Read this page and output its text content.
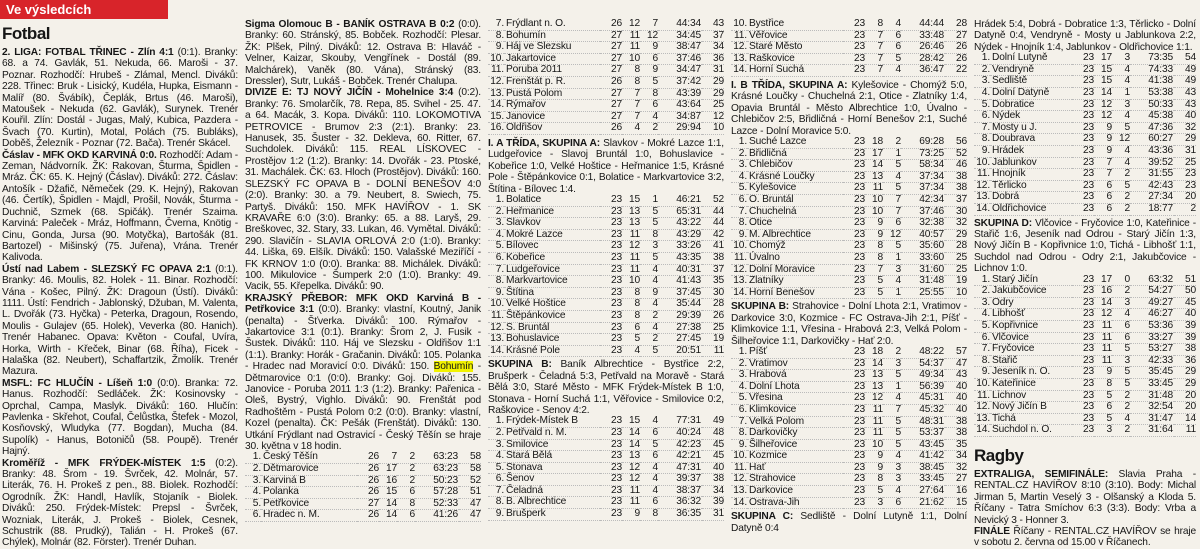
Ve výsledcích
Fotbal

2. LIGA: FOTBAL TŘINEC - Zlín 4:1 (0:1). Branky: 68. a 74. Gavlák, 51. Nekuda, 66. Maroši - 37. Poznar. Rozhodčí: Hrubeš - Zlámal, Mencl. Diváků: 228. Třinec: Bruk - Lisický, Kudéla, Hupka, Eismann - Malíř (80. Švábík), Čeplák, Brtus (46. Maroši), Matoušek - Nekuda (62. Gavlák), Surynek. Trenér Kouřil. Zlín: Dostál - Jugas, Malý, Kubica, Pazdera - Švach (70. Kurtin), Motal, Polách (75. Bubláks), Doběš, Železník - Poznar (72. Bača). Trenér Skácel.

Čáslav - MFK OKD KARVINÁ 0:0. Rozhodčí: Adam - Zeman, Nádvorník. ŽK: Rakovan, Šturma, Špidlen - Mráz. ČK: 65. K. Hejný (Čáslav). Diváků: 272. Čáslav: Antošík - Džafič, Němeček (29. K. Hejný), Rakovan (46. Čertík), Špidlen - Majdl, Prošil, Novák, Šturma - Duchnič, Szmek (68. Spičák). Trenér Szaima. Karviná: Paleček - Mráz, Hoffmann, Čverna, Knötig - Cinu, Gonda, Jursa (90. Motyčka), Bartošák (81. Bartozel) - Mišinský (75. Juřena), Vrána. Trenér Kalivoda.

Ústí nad Labem - SLEZSKÝ FC OPAVA 2:1 (0:1). Branky: 46. Moulis, 82. Holek - 11. Binar. Rozhodčí: Vána - Košec, Pilný. ŽK: Dragoun (Ústí). Diváků: 1111. Ústí: Fendrich - Jablonský, Džuban, M. Valenta, L. Dvořák (73. Hyčka) - Peterka, Dragoun, Rosendo, Moulis - Gulajev (65. Holek), Veverka (80. Hanich). Trenér Habanec. Opava: Květon - Coufal, Uvíra, Horka, Wirth - Křeček, Binar (68. Říha), Ficek - Halaška (82. Neubert), Schaffartzik, Žmolík. Trenér Mazura.

MSFL: FC HLUČÍN - Líšeň 1:0 (0:0). Branka: 72. Hanus. Rozhodčí: Sedláček. ŽK: Kosinovsky - Oprchal, Campa, Maslyk. Diváků: 160. Hlučín: Pavlenka - Skřehot, Coufal, Čelůstka, Štefek - Mozol, Kosňovský, Wludyka (77. Bogdan), Mucha (84. Supolík) - Hanus, Botoničů (58. Poupě). Trenér Hajný.

Kroměříž - MFK FRÝDEK-MÍSTEK 1:5 (0:2). Branky: 48. Šrom - 19. Švrček, 42. Molnár, 57. Literák, 76. H. Prokeš z pen., 88. Biolek. Rozhodčí: Ogrodník. ŽK: Handl, Havlík, Stojaník - Biolek. Diváků: 250. Frýdek-Místek: Prepsl - Švrček, Wozniak, Literák, J. Prokeš - Biolek, Cesnek, Schustrik (88. Prudký), Talián - H. Prokeš (67. Chýlek), Molnár (82. Förster). Trenér Duhan.

Sigma Olomouc B - BANÍK OSTRAVA B 0:2 (0:0). Branky: 60. Stránský, 85. Bobček. Rozhodčí: Plesar. ŽK: Plšek, Pilný. Diváků: 12. Ostrava B: Hlaváč - Velner, Kaizar, Skouby, Vengřínek - Dostál (89. Malchárek), Vaněk (80. Vána), Stránský (83. Dressler), Sutr, Lukáš - Bobček. Trenér Chalupa.

DIVIZE E: TJ NOVÝ JIČÍN - Mohelnice 3:4 (0:2). Branky: 76. Smolarčík, 78. Repa, 85. Svihel - 25. 47. a 64. Macák, 3. Kopa. Diváků: 110. LOKOMOTIVA PETROVICE - Brumov 2:3 (2:1). Branky: 23. Hanusek, 35. Šuster - 32. Dekleva, 60. Ritter, 67. Suchdolek. Diváků: 115. REAL LÍSKOVEC - Prostějov 1:2 (1:2). Branky: 14. Dvořák - 23. Ptoské, 31. Machálek. ČK: 63. Hloch (Prostějov). Diváků: 160. SLEZSKÝ FC OPAVA B - DOLNÍ BENEŠOV 4:0 (2:0). Branky: 30. a 79. Neubert, 8. Swiech, 75. Partyš. Diváků: 150. MFK HAVÍŘOV - 1. SK KRAVAŘE 6:0 (3:0). Branky: 65. a 88. Laryš, 29. Breškovec, 32. Stary, 33. Lukan, 46. Vymětal. Diváků: 290. Slavičín - SLAVIA ORLOVÁ 2:0 (1:0). Branky: 44. Liška, 69. Elšík. Diváků: 150. Valašské Meziříčí - FK KRNOV 1:0 (0:0). Branka: 88. Michálek. Diváků: 100. Mikulovice - Šumperk 2:0 (1:0). Branky: 49. Vacik, 55. Křepelka. Diváků: 90.

KRAJSKÝ PŘEBOR: MFK OKD Karviná B - Petřkovice 3:1 (0:0). Branky: vlastní, Koutný, Janik (penalta) - Šťverka. Diváků: 100. Rýmařov - Jakartovice 3:1 (0:1). Branky: Šrom 2, J. Fusik - Šustek. Diváků: 110. Háj ve Slezsku - Oldřišov 1:1 (1:1). Branky: Horák - Gračanin. Diváků: 105. Polanka - Hradec nad Moravicí 0:0. Diváků: 150. Bohumín - Dětmarovice 0:1 (0:0). Branky: Goj. Diváků: 155. Janovice - Poruba 2011 1:3 (1:2). Branky: Pařenica - Oleš, Bystrý, Vighlo. Diváků: 90. Frenštát pod Radhoštěm - Pustá Polom 0:2 (0:0). Branky: vlastní, Kozel (penalta). ČK: Pešák (Frenštát). Diváků: 130. Utkání Frýdlant nad Ostravicí - Český Těšín se hraje 30. května v 18 hodin.

1.	Český Těšín	26	7	2	63:23	58
2.	Dětmarovice	26	17	2	63:23	58
3.	Karviná B	26	16	2	50:23	52
4.	Polanka	26	15	6	57:28	51
5.	Petřkovice	27	14	8	52:33	47
6.	Hradec n. M.	26	14	6	41:26	47
7.	Frýdlant n. O.	26	12	7	44:34	43
8.	Bohumín	27	11	12	34:45	37
9.	Háj ve Slezsku	27	11	9	38:47	34
10.	Jakartovice	27	10	6	37:46	36
11.	Poruba 2011	27	8	9	34:47	31
12.	Frenštát p. R.	26	8	5	37:42	29
13.	Pustá Polom	27	7	8	43:39	29
14.	Rýmařov	27	7	6	43:64	25
15.	Janovice	27	7	4	34:87	12
16.	Oldřišov	26	4	2	29:94	10

I. A TŘÍDA, SKUPINA A: Slavkov - Mokré Lazce 1:1, Ludgeřovice - Slavoj Bruntál 1:0, Bohuslavice - Kobeřice 1:0, Velké Hoštice - Heřmanice 1:5, Krásné Pole - Štěpánkovice 0:1, Bolatice - Markvartovice 3:2, Štítina - Bílovec 1:4.

1.	Bolatice	23	15	1	46:21	52
2.	Heřmanice	23	13	5	65:31	44
3.	Slavkov	23	13	5	43:22	44
4.	Mokré Lazce	23	11	8	43:29	42
5.	Bílovec	23	12	3	33:26	41
6.	Kobeřice	23	11	5	43:35	38
7.	Ludgeřovice	23	11	4	40:31	37
8.	Markvartovice	23	10	4	41:43	35
9.	Štítina	23	8	9	37:45	30
10.	Velké Hoštice	23	8	4	35:44	28
11.	Štěpánkovice	23	8	2	29:39	26
12.	S. Bruntál	23	6	4	27:38	25
13.	Bohuslavice	23	5	2	27:45	19
14.	Krásné Pole	23	4	5	20:51	11

SKUPINA B: Baník Albrechtice - Bystřice 2:2, Brušperk - Čeladná 5:3, Petřvald na Moravě - Stará Bělá 3:0, Staré Město - MFK Frýdek-Místek B 1:0, Stonava - Horní Suchá 1:1, Věřovice - Smilovice 0:2, Raškovice - Senov 4:2.

1.	Frýdek-Místek B	23	15	4	77:31	49
2.	Petřvald n. M.	23	14	6	40:24	48
3.	Smilovice	23	14	5	42:23	45
4.	Stará Bělá	23	13	6	42:21	45
5.	Stonava	23	12	4	47:31	40
6.	Šenov	23	12	4	39:37	38
7.	Čeladná	23	11	4	38:37	34
8.	B. Albrechtice	23	11	6	36:32	39
9.	Brušperk	23	9	8	36:35	31
10.	Bystřice	23	8	4	44:44	28
11.	Věřovice	23	7	6	33:48	27
12.	Staré Město	23	7	6	26:46	26
13.	Raškovice	23	7	5	28:42	26
14.	Horní Suchá	23	7	4	36:47	22

I. B TŘÍDA, SKUPINA A: Kylešovice - Chomýž 5:0, Krásné Loučky - Chuchelná 2:1, Otice - Zlatníky 1:4, Opavia Bruntál - Město Albrechtice 1:0, Úvalno - Chlebičov 2:5, Břidličná - Horní Benešov 2:1, Suché Lazce - Dolní Moravice 5:0.

1.	Suché Lazce	23	18	2	69:28	56
2.	Břidličná	23	17	1	73:25	52
3.	Chlebičov	23	14	5	58:34	46
4.	Krásné Loučky	23	13	4	37:34	38
5.	Kylešovice	23	11	5	37:34	38
6.	O. Bruntál	23	10	7	42:34	37
7.	Chuchelná	23	10	7	37:46	30
8.	Otice	23	9	6	32:38	32
9.	M. Albrechtice	23	9	12	40:57	29
10.	Chomýž	23	8	5	35:60	28
11.	Úvalno	23	8	1	33:60	25
12.	Dolní Moravice	23	7	3	31:60	25
13.	Zlatníky	23	5	4	31:48	19
14.	Horní Benešov	23	5	1	25:55	10

SKUPINA B: Strahovice - Dolní Lhota 2:1, Vratimov - Darkovice 3:0, Kozmice - FC Ostrava-Jih 2:1, Píšť - Klimkovice 1:1, Vřesina - Hrabová 2:3, Velká Polom - Šilheřovice 1:1, Darkovičky - Hať 2:0.

1.	Píšť	23	18	2	48:22	57
2.	Vratimov	23	14	3	54:37	47
3.	Hrabová	23	13	5	49:34	43
4.	Dolní Lhota	23	13	1	56:39	40
5.	Vřesina	23	12	4	45:31	40
6.	Klimkovice	23	11	7	45:32	40
7.	Velká Polom	23	11	5	48:31	38
8.	Darkovičky	23	11	5	53:37	38
9.	Šilheřovice	23	10	5	43:45	35
10.	Kozmice	23	9	4	41:42	34
11.	Hať	23	9	3	38:45	32
12.	Strahovice	23	8	3	33:45	27
13.	Darkovice	23	5	4	27:64	16
14.	Ostrava-Jih	23	3	6	21:62	15

SKUPINA C: Sedliště - Dolní Lutyně 1:1, Dolní Datyně 0:4

Hrádek 5:4, Dobrá - Dobratice 1:3, Těrlicko - Dolní Datyně 0:4, Vendryně - Mosty u Jablunkova 2:2, Nýdek - Hnojník 1:4, Jablunkov - Oldřichovice 1:1.

1.	Dolní Lutyně	23	17	3	73:35	54
2.	Vendryně	23	15	4	74:33	49
3.	Sedliště	23	15	4	41:38	49
4.	Dolní Datyně	23	14	1	53:38	43
5.	Dobratice	23	12	3	50:33	43
6.	Nýdek	23	12	4	45:38	40
7.	Mosty u J.	23	9	5	47:36	32
8.	Doubrava	23	9	12	60:27	29
9.	Hrádek	23	9	4	43:36	31
10.	Jablunkov	23	7	4	39:52	25
11.	Hnojník	23	7	2	31:55	23
12.	Těrlicko	23	6	5	42:43	23
13.	Dobrá	23	6	2	27:34	20
14.	Oldřichovice	23	6	2	18:77	2

SKUPINA D: Vlčovice - Fryčovice 1:0, Kateřinice - Stařič 1:6, Jeseník nad Odrou - Starý Jičín 1:3, Nový Jičín B - Kopřivnice 1:0, Tichá - Libhošť 1:1, Suchdol nad Odrou - Odry 2:1, Jakubčovice - Lichnov 1:0.

1.	Starý Jičín	23	17	0	63:32	51
2.	Jakubčovice	23	16	2	54:27	50
3.	Odry	23	14	3	49:27	45
4.	Libhošť	23	12	4	46:27	40
5.	Kopřivnice	23	11	6	53:36	39
6.	Vlčovice	23	11	6	33:27	39
7.	Fryčovice	23	11	5	53:27	38
8.	Stařič	23	11	3	42:33	36
9.	Jeseník n. O.	23	9	5	35:45	29
10.	Kateřinice	23	8	5	33:45	29
11.	Lichnov	23	5	2	31:48	20
12.	Nový Jičín B	23	6	2	32:54	20
13.	Tichá	23	5	4	31:47	14
14.	Suchdol n. O.	23	3	2	31:64	11
Ragby

EXTRALIGA, SEMIFINÁLE: Slavia Praha - RENTAL.CZ HAVÍŘOV 8:10 (3:10). Body: Michal Jirman 5, Martin Veselý 3 - Olšanský a Kloda 5. Říčany - Tatra Smíchov 6:3 (3:3). Body: Vrba a Nevický 3 - Honner 3.

FINÁLE Říčany - RENTAL.CZ HAVÍŘOV se hraje v sobotu 2. června od 15.00 v Říčanech.
